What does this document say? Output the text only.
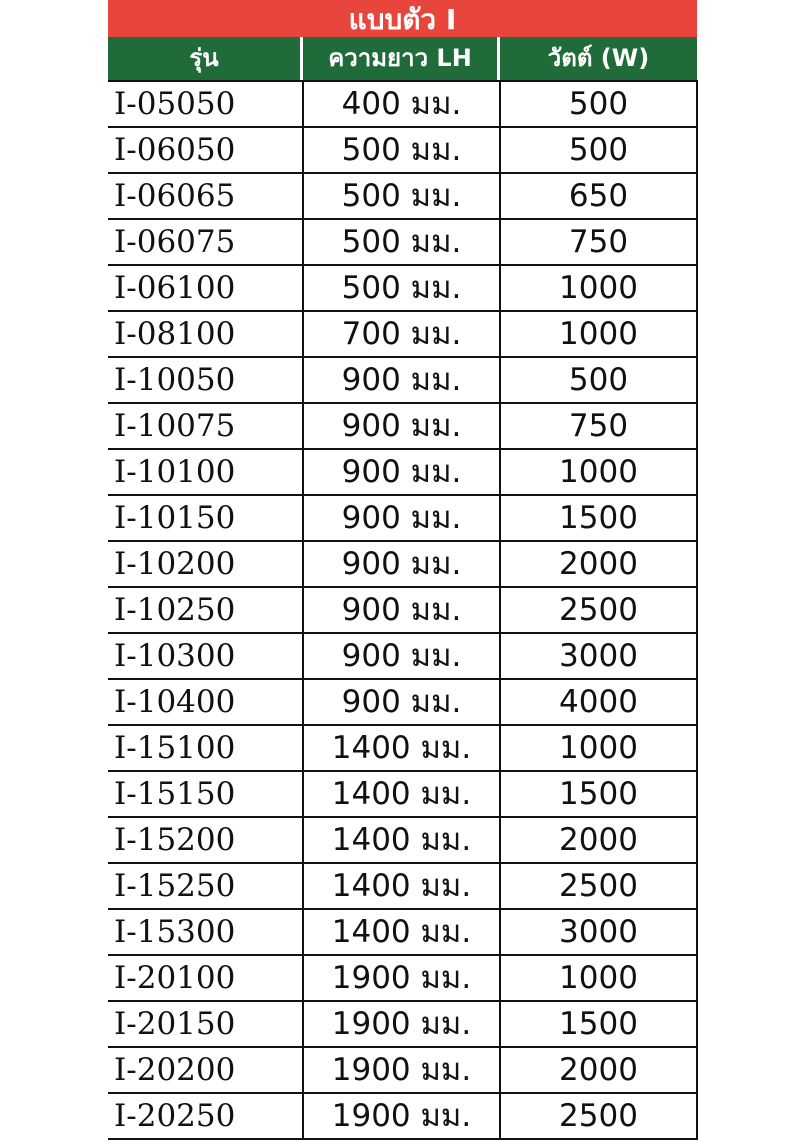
แบบตัว I
รุ่น	ความยาว LH	วัตต์ (W)
I-05050	400 มม.	500
I-06050	500 มม.	500
I-06065	500 มม.	650
I-06075	500 มม.	750
I-06100	500 มม.	1000
I-08100	700 มม.	1000
I-10050	900 มม.	500
I-10075	900 มม.	750
I-10100	900 มม.	1000
I-10150	900 มม.	1500
I-10200	900 มม.	2000
I-10250	900 มม.	2500
I-10300	900 มม.	3000
I-10400	900 มม.	4000
I-15100	1400 มม.	1000
I-15150	1400 มม.	1500
I-15200	1400 มม.	2000
I-15250	1400 มม.	2500
I-15300	1400 มม.	3000
I-20100	1900 มม.	1000
I-20150	1900 มม.	1500
I-20200	1900 มม.	2000
I-20250	1900 มม.	2500
